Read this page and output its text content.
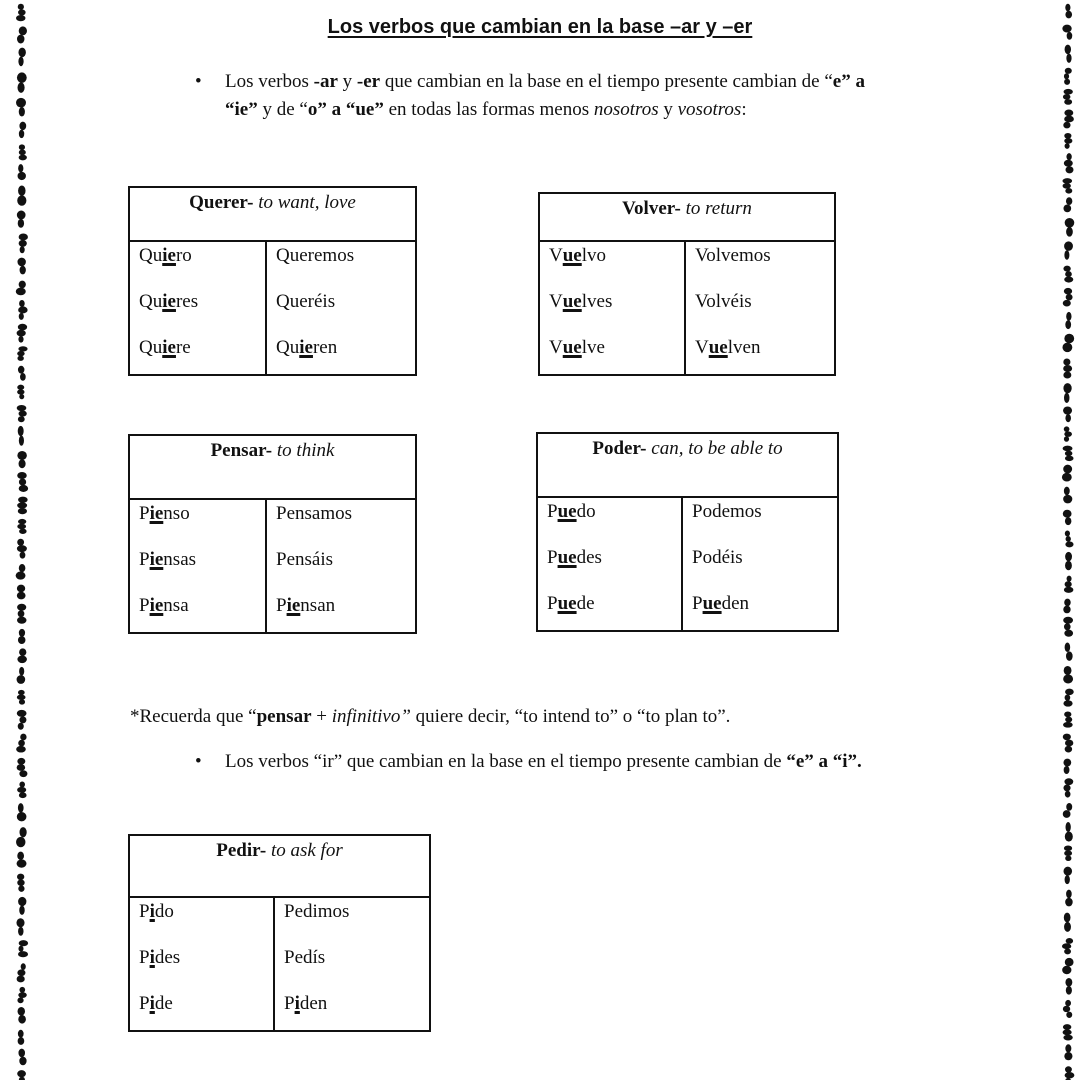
Los verbos que cambian en la base –ar y –er
• Los verbos -ar y -er que cambian en la base en el tiempo presente cambian de “e” a
“ie” y de “o” a “ue” en todas las formas menos nosotros y vosotros:
Querer- to want, love
Quiero
Quieres
Quiere
Queremos
Queréis
Quieren
Volver- to return
Vuelvo
Vuelves
Vuelve
Volvemos
Volvéis
Vuelven
Pensar- to think
Pienso
Piensas
Piensa
Pensamos
Pensáis
Piensan
Poder- can, to be able to
Puedo
Puedes
Puede
Podemos
Podéis
Pueden
Pedir- to ask for
Pido
Pides
Pide
Pedimos
Pedís
Piden
*Recuerda que “pensar + infinitivo” quiere decir, “to intend to” o “to plan to”.
• Los verbos “ir” que cambian en la base en el tiempo presente cambian de “e” a “i”.
